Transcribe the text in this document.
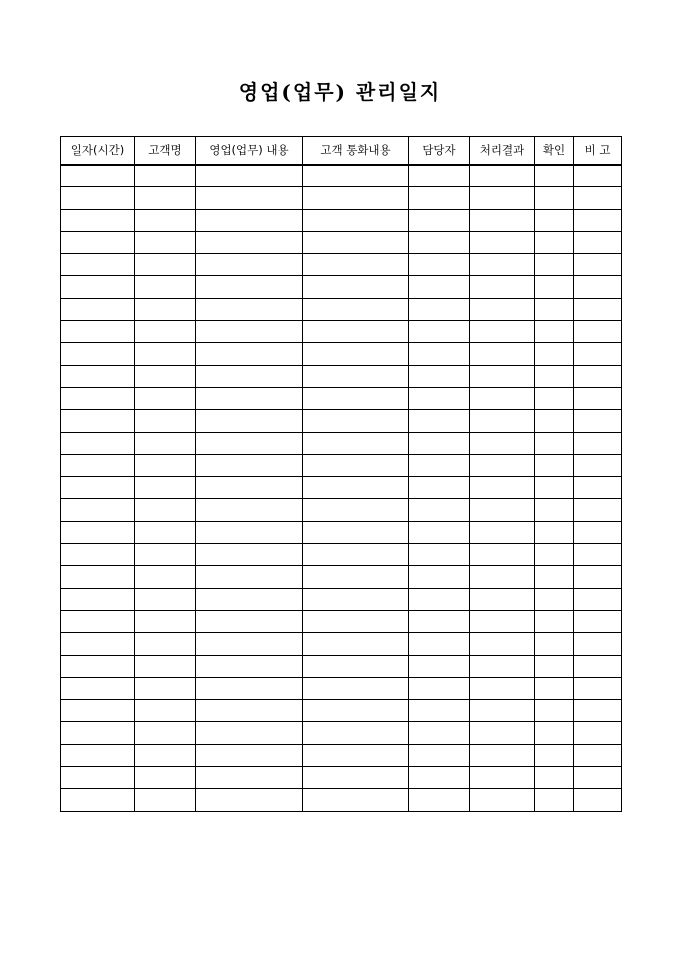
영업(업무) 관리일지
일자(시간)	고객명	영업(업무) 내용	고객 통화내용	담당자	처리결과	확인	비 고
